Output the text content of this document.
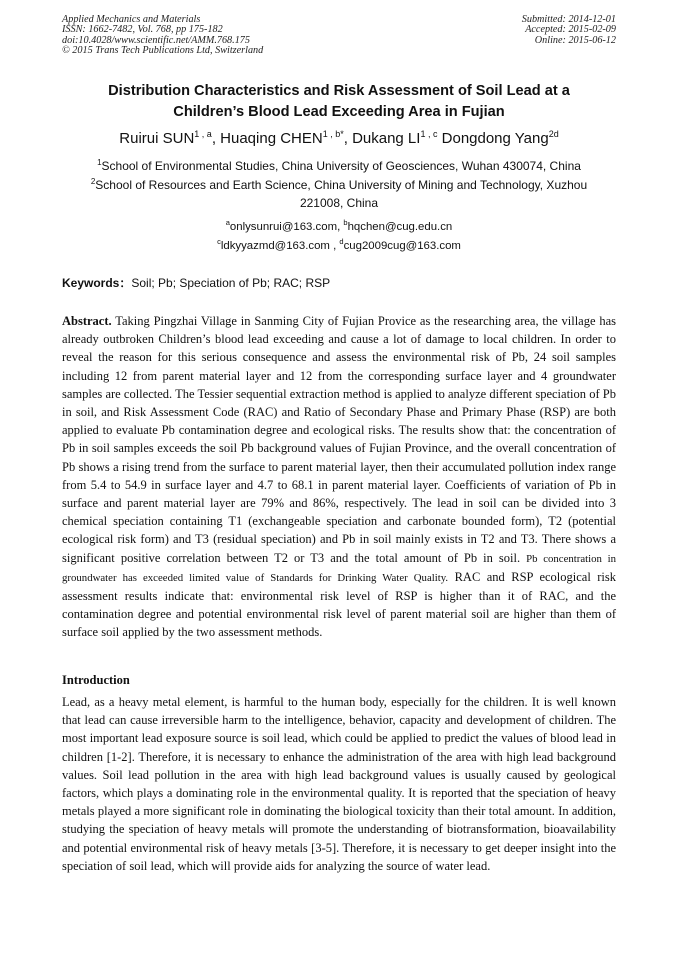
Applied Mechanics and Materials
ISSN: 1662-7482, Vol. 768, pp 175-182
doi:10.4028/www.scientific.net/AMM.768.175
© 2015 Trans Tech Publications Ltd, Switzerland
Submitted: 2014-12-01
Accepted: 2015-02-09
Online: 2015-06-12
Distribution Characteristics and Risk Assessment of Soil Lead at a
Children’s Blood Lead Exceeding Area in Fujian
Ruirui SUN$^{1 , a}$, Huaqing $CHEN^{1 , b*}$, Dukang LI$^{1 , c}$ Dongdong Yang$^{2d}$
$^1$School of Environmental Studies, China University of Geosciences, Wuhan 430074, China
$^2$School of Resources and Earth Science, China University of Mining and Technology, Xuzhou
221008, China
$^a$onlysunrui@163.com, $^b$hqchen@cug.edu.cn
$^c$ldkyyazmd@163.com , $^d$cug2009cug@163.com
Keywords：Soil; Pb; Speciation of Pb; RAC; RSP

Abstract. Taking Pingzhai Village in Sanming City of Fujian Provice as the researching area, the village has already outbroken Children’s blood lead exceeding and cause a lot of damage to local children. In order to reveal the reason for this serious consequence and assess the environmental risk of Pb, 24 soil samples including 12 from parent material layer and 12 from the corresponding surface layer and 4 groundwater samples are collected. The Tessier sequential extraction method is applied to analyze different speciation of Pb in soil, and Risk Assessment Code (RAC) and Ratio of Secondary Phase and Primary Phase (RSP) are both applied to evaluate Pb contamination degree and ecological risks. The results show that: the concentration of Pb in soil samples exceeds the soil Pb background values of Fujian Province, and the overall concentration of Pb shows a rising trend from the surface to parent material layer, then their accumulated pollution index range from 5.4 to 54.9 in surface layer and 4.7 to 68.1 in parent material layer. Coefficients of variation of Pb in surface and parent material layer are 79% and 86%, respectively. The lead in soil can be divided into 3 chemical speciation containing T1 (exchangeable speciation and carbonate bounded form), T2 (potential ecological risk form) and T3 (residual speciation) and Pb in soil mainly exists in T2 and T3. There shows a significant positive correlation between T2 or T3 and the total amount of Pb in soil. Pb concentration in groundwater has exceeded limited value of Standards for Drinking Water Quality. RAC and RSP ecological risk assessment results indicate that: environmental risk level of RSP is higher than it of RAC, and the contamination degree and potential environmental risk level of parent material soil are higher than them of surface soil applied by the two assessment methods.

Introduction

Lead, as a heavy metal element, is harmful to the human body, especially for the children. It is well known that lead can cause irreversible harm to the intelligence, behavior, capacity and development of children. The most important lead exposure source is soil lead, which could be applied to predict the values of blood lead in children [1-2]. Therefore, it is necessary to enhance the administration of the area with high lead background values. Soil lead pollution in the area with high lead background values is usually caused by geological factors, which plays a dominating role in the environmental quality. It is reported that the speciation of heavy metals played a more significant role in dominating the biological toxicity than their total amount. In addition, studying the speciation of heavy metals will promote the understanding of biotransformation, bioavailability and potential environmental risk of heavy metals [3-5]. Therefore, it is necessary to get deeper insight into the speciation of soil lead, which will provide aids for analyzing the source of water lead.
